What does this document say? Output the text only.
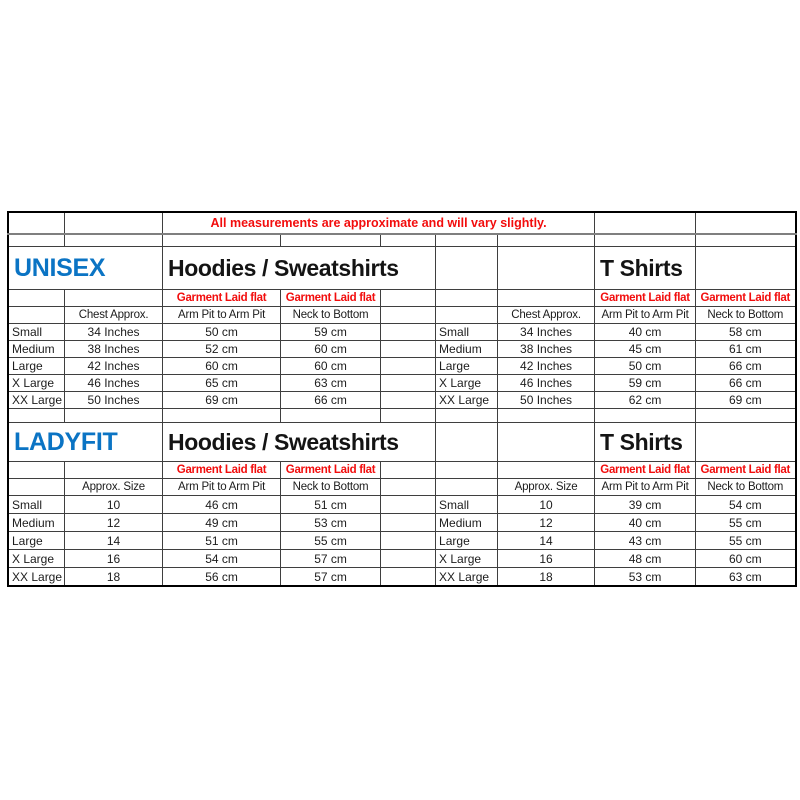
		All measurements are approximate and will vary slightly.						

UNISEX		Hoodies / Sweatshirts					T Shirts	
		Garment Laid flat	Garment Laid flat				Garment Laid flat	Garment Laid flat
	Chest Approx.	Arm Pit to Arm Pit	Neck to Bottom			Chest Approx.	Arm Pit to Arm Pit	Neck to Bottom
Small	34 Inches	50 cm	59 cm		Small	34 Inches	40 cm	58 cm
Medium	38 Inches	52 cm	60 cm		Medium	38 Inches	45 cm	61 cm
Large	42 Inches	60 cm	60 cm		Large	42 Inches	50 cm	66 cm
X Large	46 Inches	65 cm	63 cm		X Large	46 Inches	59 cm	66 cm
XX Large	50 Inches	69 cm	66 cm		XX Large	50 Inches	62 cm	69 cm

LADYFIT		Hoodies / Sweatshirts					T Shirts	
		Garment Laid flat	Garment Laid flat				Garment Laid flat	Garment Laid flat
	Approx. Size	Arm Pit to Arm Pit	Neck to Bottom			Approx. Size	Arm Pit to Arm Pit	Neck to Bottom
Small	10	46 cm	51 cm		Small	10	39 cm	54 cm
Medium	12	49 cm	53 cm		Medium	12	40 cm	55 cm
Large	14	51 cm	55 cm		Large	14	43 cm	55 cm
X Large	16	54 cm	57 cm		X Large	16	48 cm	60 cm
XX Large	18	56 cm	57 cm		XX Large	18	53 cm	63 cm
